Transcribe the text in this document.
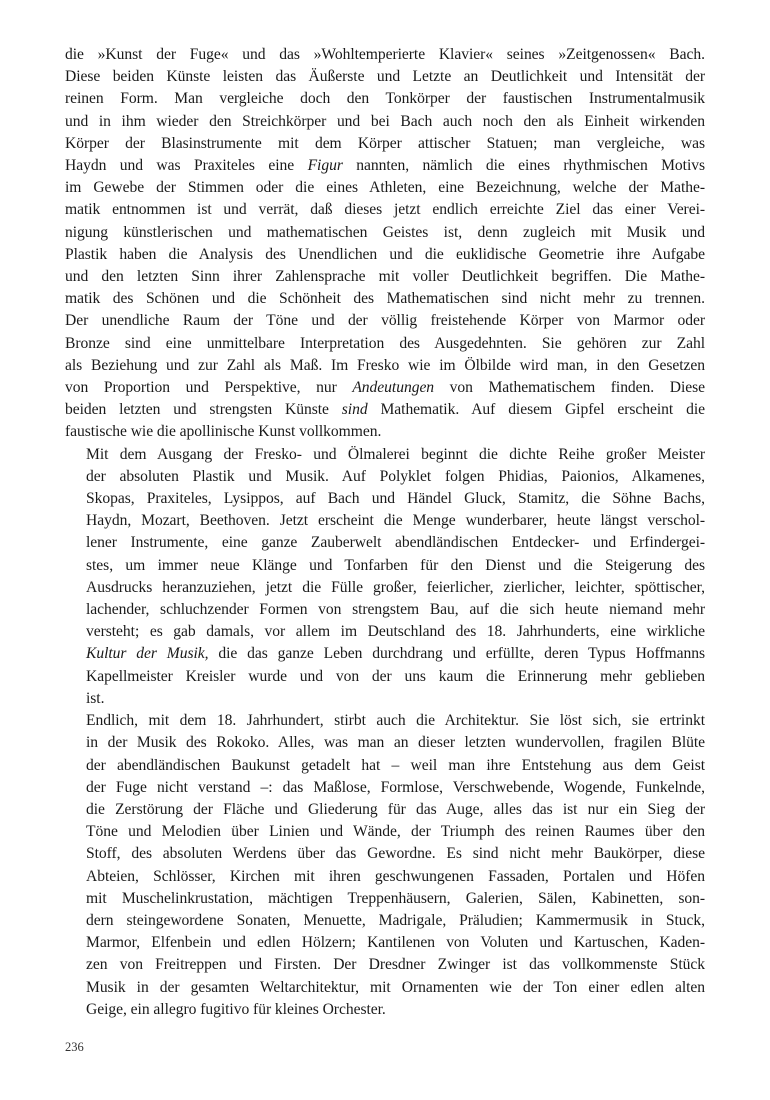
die »Kunst der Fuge« und das »Wohltemperierte Klavier« seines »Zeitgenossen« Bach.
Diese beiden Künste leisten das Äußerste und Letzte an Deutlichkeit und Intensität der
reinen Form. Man vergleiche doch den Tonkörper der faustischen Instrumentalmusik
und in ihm wieder den Streichkörper und bei Bach auch noch den als Einheit wirkenden
Körper der Blasinstrumente mit dem Körper attischer Statuen; man vergleiche, was
Haydn und was Praxiteles eine Figur nannten, nämlich die eines rhythmischen Motivs
im Gewebe der Stimmen oder die eines Athleten, eine Bezeichnung, welche der Mathe-
matik entnommen ist und verrät, daß dieses jetzt endlich erreichte Ziel das einer Verei-
nigung künstlerischen und mathematischen Geistes ist, denn zugleich mit Musik und
Plastik haben die Analysis des Unendlichen und die euklidische Geometrie ihre Aufgabe
und den letzten Sinn ihrer Zahlensprache mit voller Deutlichkeit begriffen. Die Mathe-
matik des Schönen und die Schönheit des Mathematischen sind nicht mehr zu trennen.
Der unendliche Raum der Töne und der völlig freistehende Körper von Marmor oder
Bronze sind eine unmittelbare Interpretation des Ausgedehnten. Sie gehören zur Zahl
als Beziehung und zur Zahl als Maß. Im Fresko wie im Ölbilde wird man, in den Gesetzen
von Proportion und Perspektive, nur Andeutungen von Mathematischem finden. Diese
beiden letzten und strengsten Künste sind Mathematik. Auf diesem Gipfel erscheint die
faustische wie die apollinische Kunst vollkommen.

Mit dem Ausgang der Fresko- und Ölmalerei beginnt die dichte Reihe großer Meister
der absoluten Plastik und Musik. Auf Polyklet folgen Phidias, Paionios, Alkamenes,
Skopas, Praxiteles, Lysippos, auf Bach und Händel Gluck, Stamitz, die Söhne Bachs,
Haydn, Mozart, Beethoven. Jetzt erscheint die Menge wunderbarer, heute längst verschol-
lener Instrumente, eine ganze Zauberwelt abendländischen Entdecker- und Erfindergei-
stes, um immer neue Klänge und Tonfarben für den Dienst und die Steigerung des
Ausdrucks heranzuziehen, jetzt die Fülle großer, feierlicher, zierlicher, leichter, spöttischer,
lachender, schluchzender Formen von strengstem Bau, auf die sich heute niemand mehr
versteht; es gab damals, vor allem im Deutschland des 18. Jahrhunderts, eine wirkliche
Kultur der Musik, die das ganze Leben durchdrang und erfüllte, deren Typus Hoffmanns
Kapellmeister Kreisler wurde und von der uns kaum die Erinnerung mehr geblieben
ist.

Endlich, mit dem 18. Jahrhundert, stirbt auch die Architektur. Sie löst sich, sie ertrinkt
in der Musik des Rokoko. Alles, was man an dieser letzten wundervollen, fragilen Blüte
der abendländischen Baukunst getadelt hat – weil man ihre Entstehung aus dem Geist
der Fuge nicht verstand –: das Maßlose, Formlose, Verschwebende, Wogende, Funkelnde,
die Zerstörung der Fläche und Gliederung für das Auge, alles das ist nur ein Sieg der
Töne und Melodien über Linien und Wände, der Triumph des reinen Raumes über den
Stoff, des absoluten Werdens über das Gewordne. Es sind nicht mehr Baukörper, diese
Abteien, Schlösser, Kirchen mit ihren geschwungenen Fassaden, Portalen und Höfen
mit Muschelinkrustation, mächtigen Treppenhäusern, Galerien, Sälen, Kabinetten, son-
dern steingewordene Sonaten, Menuette, Madrigale, Präludien; Kammermusik in Stuck,
Marmor, Elfenbein und edlen Hölzern; Kantilenen von Voluten und Kartuschen, Kaden-
zen von Freitreppen und Firsten. Der Dresdner Zwinger ist das vollkommenste Stück
Musik in der gesamten Weltarchitektur, mit Ornamenten wie der Ton einer edlen alten
Geige, ein allegro fugitivo für kleines Orchester.

236
